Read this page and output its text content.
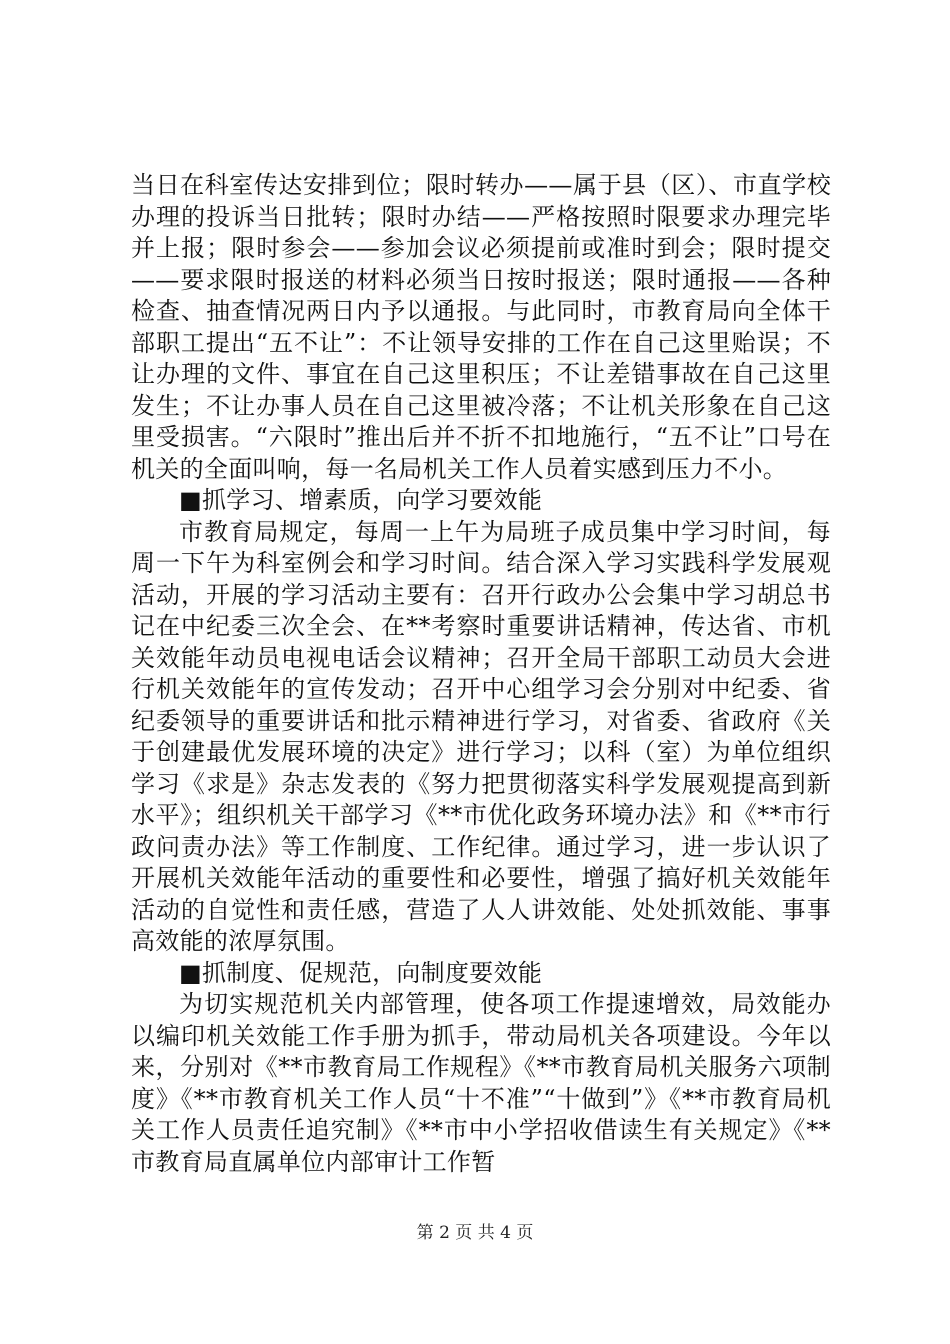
当日在科室传达安排到位；限时转办——属于县（区）、市直学校办理的投诉当日批转；限时办结——严格按照时限要求办理完毕并上报；限时参会——参加会议必须提前或准时到会；限时提交——要求限时报送的材料必须当日按时报送；限时通报——各种检查、抽查情况两日内予以通报。与此同时，市教育局向全体干部职工提出“五不让”：不让领导安排的工作在自己这里贻误；不让办理的文件、事宜在自己这里积压；不让差错事故在自己这里发生；不让办事人员在自己这里被冷落；不让机关形象在自己这里受损害。“六限时”推出后并不折不扣地施行，“五不让”口号在机关的全面叫响，每一名局机关工作人员着实感到压力不小。

■抓学习、增素质，向学习要效能

市教育局规定，每周一上午为局班子成员集中学习时间，每周一下午为科室例会和学习时间。结合深入学习实践科学发展观活动，开展的学习活动主要有：召开行政办公会集中学习胡总书记在中纪委三次全会、在**考察时重要讲话精神，传达省、市机关效能年动员电视电话会议精神；召开全局干部职工动员大会进行机关效能年的宣传发动；召开中心组学习会分别对中纪委、省纪委领导的重要讲话和批示精神进行学习，对省委、省政府《关于创建最优发展环境的决定》进行学习；以科（室）为单位组织学习《求是》杂志发表的《努力把贯彻落实科学发展观提高到新水平》；组织机关干部学习《**市优化政务环境办法》和《**市行政问责办法》等工作制度、工作纪律。通过学习，进一步认识了开展机关效能年活动的重要性和必要性，增强了搞好机关效能年活动的自觉性和责任感，营造了人人讲效能、处处抓效能、事事高效能的浓厚氛围。

■抓制度、促规范，向制度要效能

为切实规范机关内部管理，使各项工作提速增效，局效能办以编印机关效能工作手册为抓手，带动局机关各项建设。今年以来，分别对《**市教育局工作规程》《**市教育局机关服务六项制度》《**市教育机关工作人员“十不准”“十做到”》《**市教育局机关工作人员责任追究制》《**市中小学招收借读生有关规定》《**市教育局直属单位内部审计工作暂

第 2 页 共 4 页
